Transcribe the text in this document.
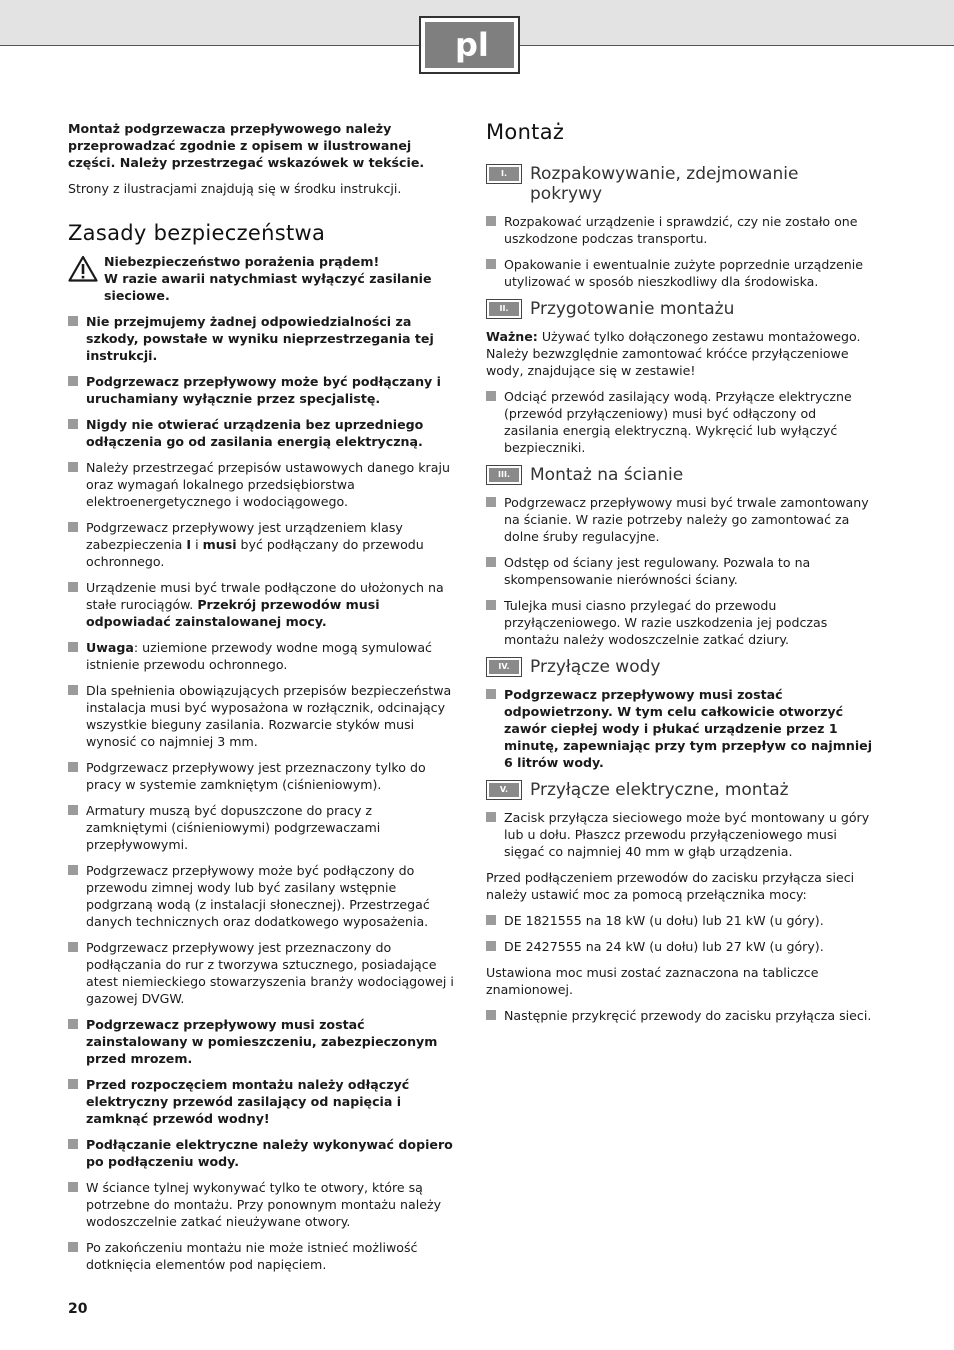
pl

Montaż podgrzewacza przepływowego należy przeprowadzać zgodnie z opisem w ilustrowanej części. Należy przestrzegać wskazówek w tekście.

Strony z ilustracjami znajdują się w środku instrukcji.

Zasady bezpieczeństwa

Niebezpieczeństwo porażenia prądem!

W razie awarii natychmiast wyłączyć zasilanie sieciowe.

Nie przejmujemy żadnej odpowiedzialności za szkody, powstałe w wyniku nieprzestrzegania tej instrukcji.
Podgrzewacz przepływowy może być podłączany i uruchamiany wyłącznie przez specjalistę.
Nigdy nie otwierać urządzenia bez uprzedniego odłączenia go od zasilania energią elektryczną.
Należy przestrzegać przepisów ustawowych danego kraju oraz wymagań lokalnego przedsiębiorstwa elektroenergetycznego i wodociągowego.
Podgrzewacz przepływowy jest urządzeniem klasy zabezpieczenia I i musi być podłączany do przewodu ochronnego.
Urządzenie musi być trwale podłączone do ułożonych na stałe rurociągów. Przekrój przewodów musi odpowiadać zainstalowanej mocy.
Uwaga: uziemione przewody wodne mogą symulować istnienie przewodu ochronnego.
Dla spełnienia obowiązujących przepisów bezpieczeństwa instalacja musi być wyposażona w rozłącznik, odcinający wszystkie bieguny zasilania. Rozwarcie styków musi wynosić co najmniej 3 mm.
Podgrzewacz przepływowy jest przeznaczony tylko do pracy w systemie zamkniętym (ciśnieniowym).
Armatury muszą być dopuszczone do pracy z zamkniętymi (ciśnieniowymi) podgrzewaczami przepływowymi.
Podgrzewacz przepływowy może być podłączony do przewodu zimnej wody lub być zasilany wstępnie podgrzaną wodą (z instalacji słonecznej). Przestrzegać danych technicznych oraz dodatkowego wyposażenia.
Podgrzewacz przepływowy jest przeznaczony do podłączania do rur z tworzywa sztucznego, posiadające atest niemieckiego stowarzyszenia branży wodociągowej i gazowej DVGW.
Podgrzewacz przepływowy musi zostać zainstalowany w pomieszczeniu, zabezpieczonym przed mrozem.
Przed rozpoczęciem montażu należy odłączyć elektryczny przewód zasilający od napięcia i zamknąć przewód wodny!
Podłączanie elektryczne należy wykonywać dopiero po podłączeniu wody.
W ściance tylnej wykonywać tylko te otwory, które są potrzebne do montażu. Przy ponownym montażu należy wodoszczelnie zatkać nieużywane otwory.
Po zakończeniu montażu nie może istnieć możliwość dotknięcia elementów pod napięciem.
Montaż
I.	Rozpakowywanie, zdejmowanie pokrywy
Rozpakować urządzenie i sprawdzić, czy nie zostało one uszkodzone podczas transportu.
Opakowanie i ewentualnie zużyte poprzednie urządzenie utylizować w sposób nieszkodliwy dla środowiska.
II.	Przygotowanie montażu

Ważne: Używać tylko dołączonego zestawu montażowego. Należy bezwzględnie zamontować króćce przyłączeniowe wody, znajdujące się w zestawie!

Odciąć przewód zasilający wodą. Przyłącze elektryczne (przewód przyłączeniowy) musi być odłączony od zasilania energią elektryczną. Wykręcić lub wyłączyć bezpieczniki.
III.	Montaż na ścianie
Podgrzewacz przepływowy musi być trwale zamontowany na ścianie. W razie potrzeby należy go zamontować za dolne śruby regulacyjne.
Odstęp od ściany jest regulowany. Pozwala to na skompensowanie nierówności ściany.
Tulejka musi ciasno przylegać do przewodu przyłączeniowego. W razie uszkodzenia jej podczas montażu należy wodoszczelnie zatkać dziury.
IV.	Przyłącze wody
Podgrzewacz przepływowy musi zostać odpowietrzony. W tym celu całkowicie otworzyć zawór ciepłej wody i płukać urządzenie przez 1 minutę, zapewniając przy tym przepływ co najmniej 6 litrów wody.
V.	Przyłącze elektryczne, montaż
Zacisk przyłącza sieciowego może być montowany u góry lub u dołu. Płaszcz przewodu przyłączeniowego musi sięgać co najmniej 40 mm w głąb urządzenia.

Przed podłączeniem przewodów do zacisku przyłącza sieci należy ustawić moc za pomocą przełącznika mocy:

DE 1821555 na 18 kW (u dołu) lub 21 kW (u góry).
DE 2427555 na 24 kW (u dołu) lub 27 kW (u góry).

Ustawiona moc musi zostać zaznaczona na tabliczce znamionowej.

Następnie przykręcić przewody do zacisku przyłącza sieci.
20
